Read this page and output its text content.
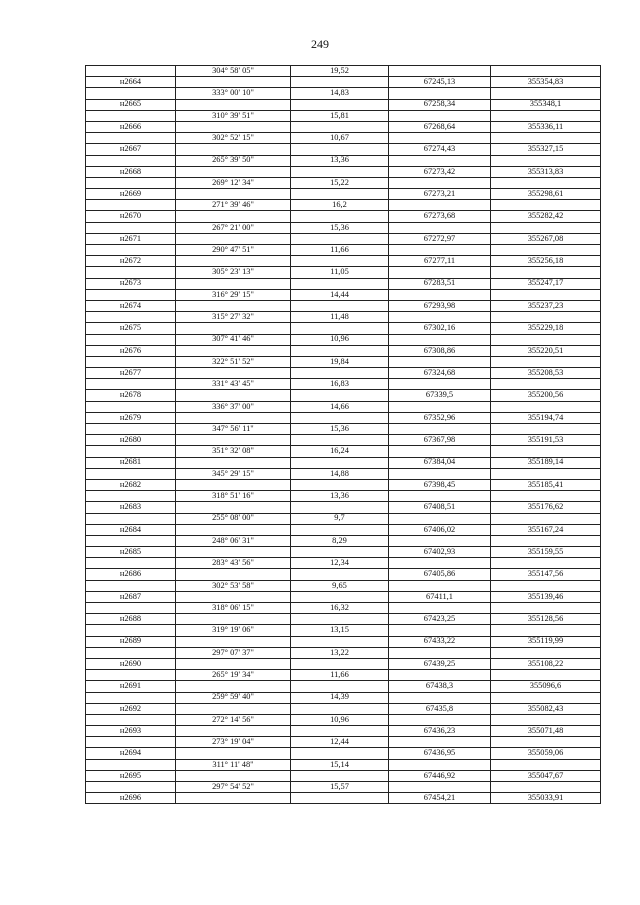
249
	304° 58' 05"	19,52		
н2664			67245,13	355354,83
	333° 00' 10"	14,83		
н2665			67258,34	355348,1
	310° 39' 51"	15,81		
н2666			67268,64	355336,11
	302° 52' 15"	10,67		
н2667			67274,43	355327,15
	265° 39' 50"	13,36		
н2668			67273,42	355313,83
	269° 12' 34"	15,22		
н2669			67273,21	355298,61
	271° 39' 46"	16,2		
н2670			67273,68	355282,42
	267° 21' 00"	15,36		
н2671			67272,97	355267,08
	290° 47' 51"	11,66		
н2672			67277,11	355256,18
	305° 23' 13"	11,05		
н2673			67283,51	355247,17
	316° 29' 15"	14,44		
н2674			67293,98	355237,23
	315° 27' 32"	11,48		
н2675			67302,16	355229,18
	307° 41' 46"	10,96		
н2676			67308,86	355220,51
	322° 51' 52"	19,84		
н2677			67324,68	355208,53
	331° 43' 45"	16,83		
н2678			67339,5	355200,56
	336° 37' 00"	14,66		
н2679			67352,96	355194,74
	347° 56' 11"	15,36		
н2680			67367,98	355191,53
	351° 32' 08"	16,24		
н2681			67384,04	355189,14
	345° 29' 15"	14,88		
н2682			67398,45	355185,41
	318° 51' 16"	13,36		
н2683			67408,51	355176,62
	255° 08' 00"	9,7		
н2684			67406,02	355167,24
	248° 06' 31"	8,29		
н2685			67402,93	355159,55
	283° 43' 56"	12,34		
н2686			67405,86	355147,56
	302° 53' 58"	9,65		
н2687			67411,1	355139,46
	318° 06' 15"	16,32		
н2688			67423,25	355128,56
	319° 19' 06"	13,15		
н2689			67433,22	355119,99
	297° 07' 37"	13,22		
н2690			67439,25	355108,22
	265° 19' 34"	11,66		
н2691			67438,3	355096,6
	259° 59' 40"	14,39		
н2692			67435,8	355082,43
	272° 14' 56"	10,96		
н2693			67436,23	355071,48
	273° 19' 04"	12,44		
н2694			67436,95	355059,06
	311° 11' 48"	15,14		
н2695			67446,92	355047,67
	297° 54' 52"	15,57		
н2696			67454,21	355033,91
